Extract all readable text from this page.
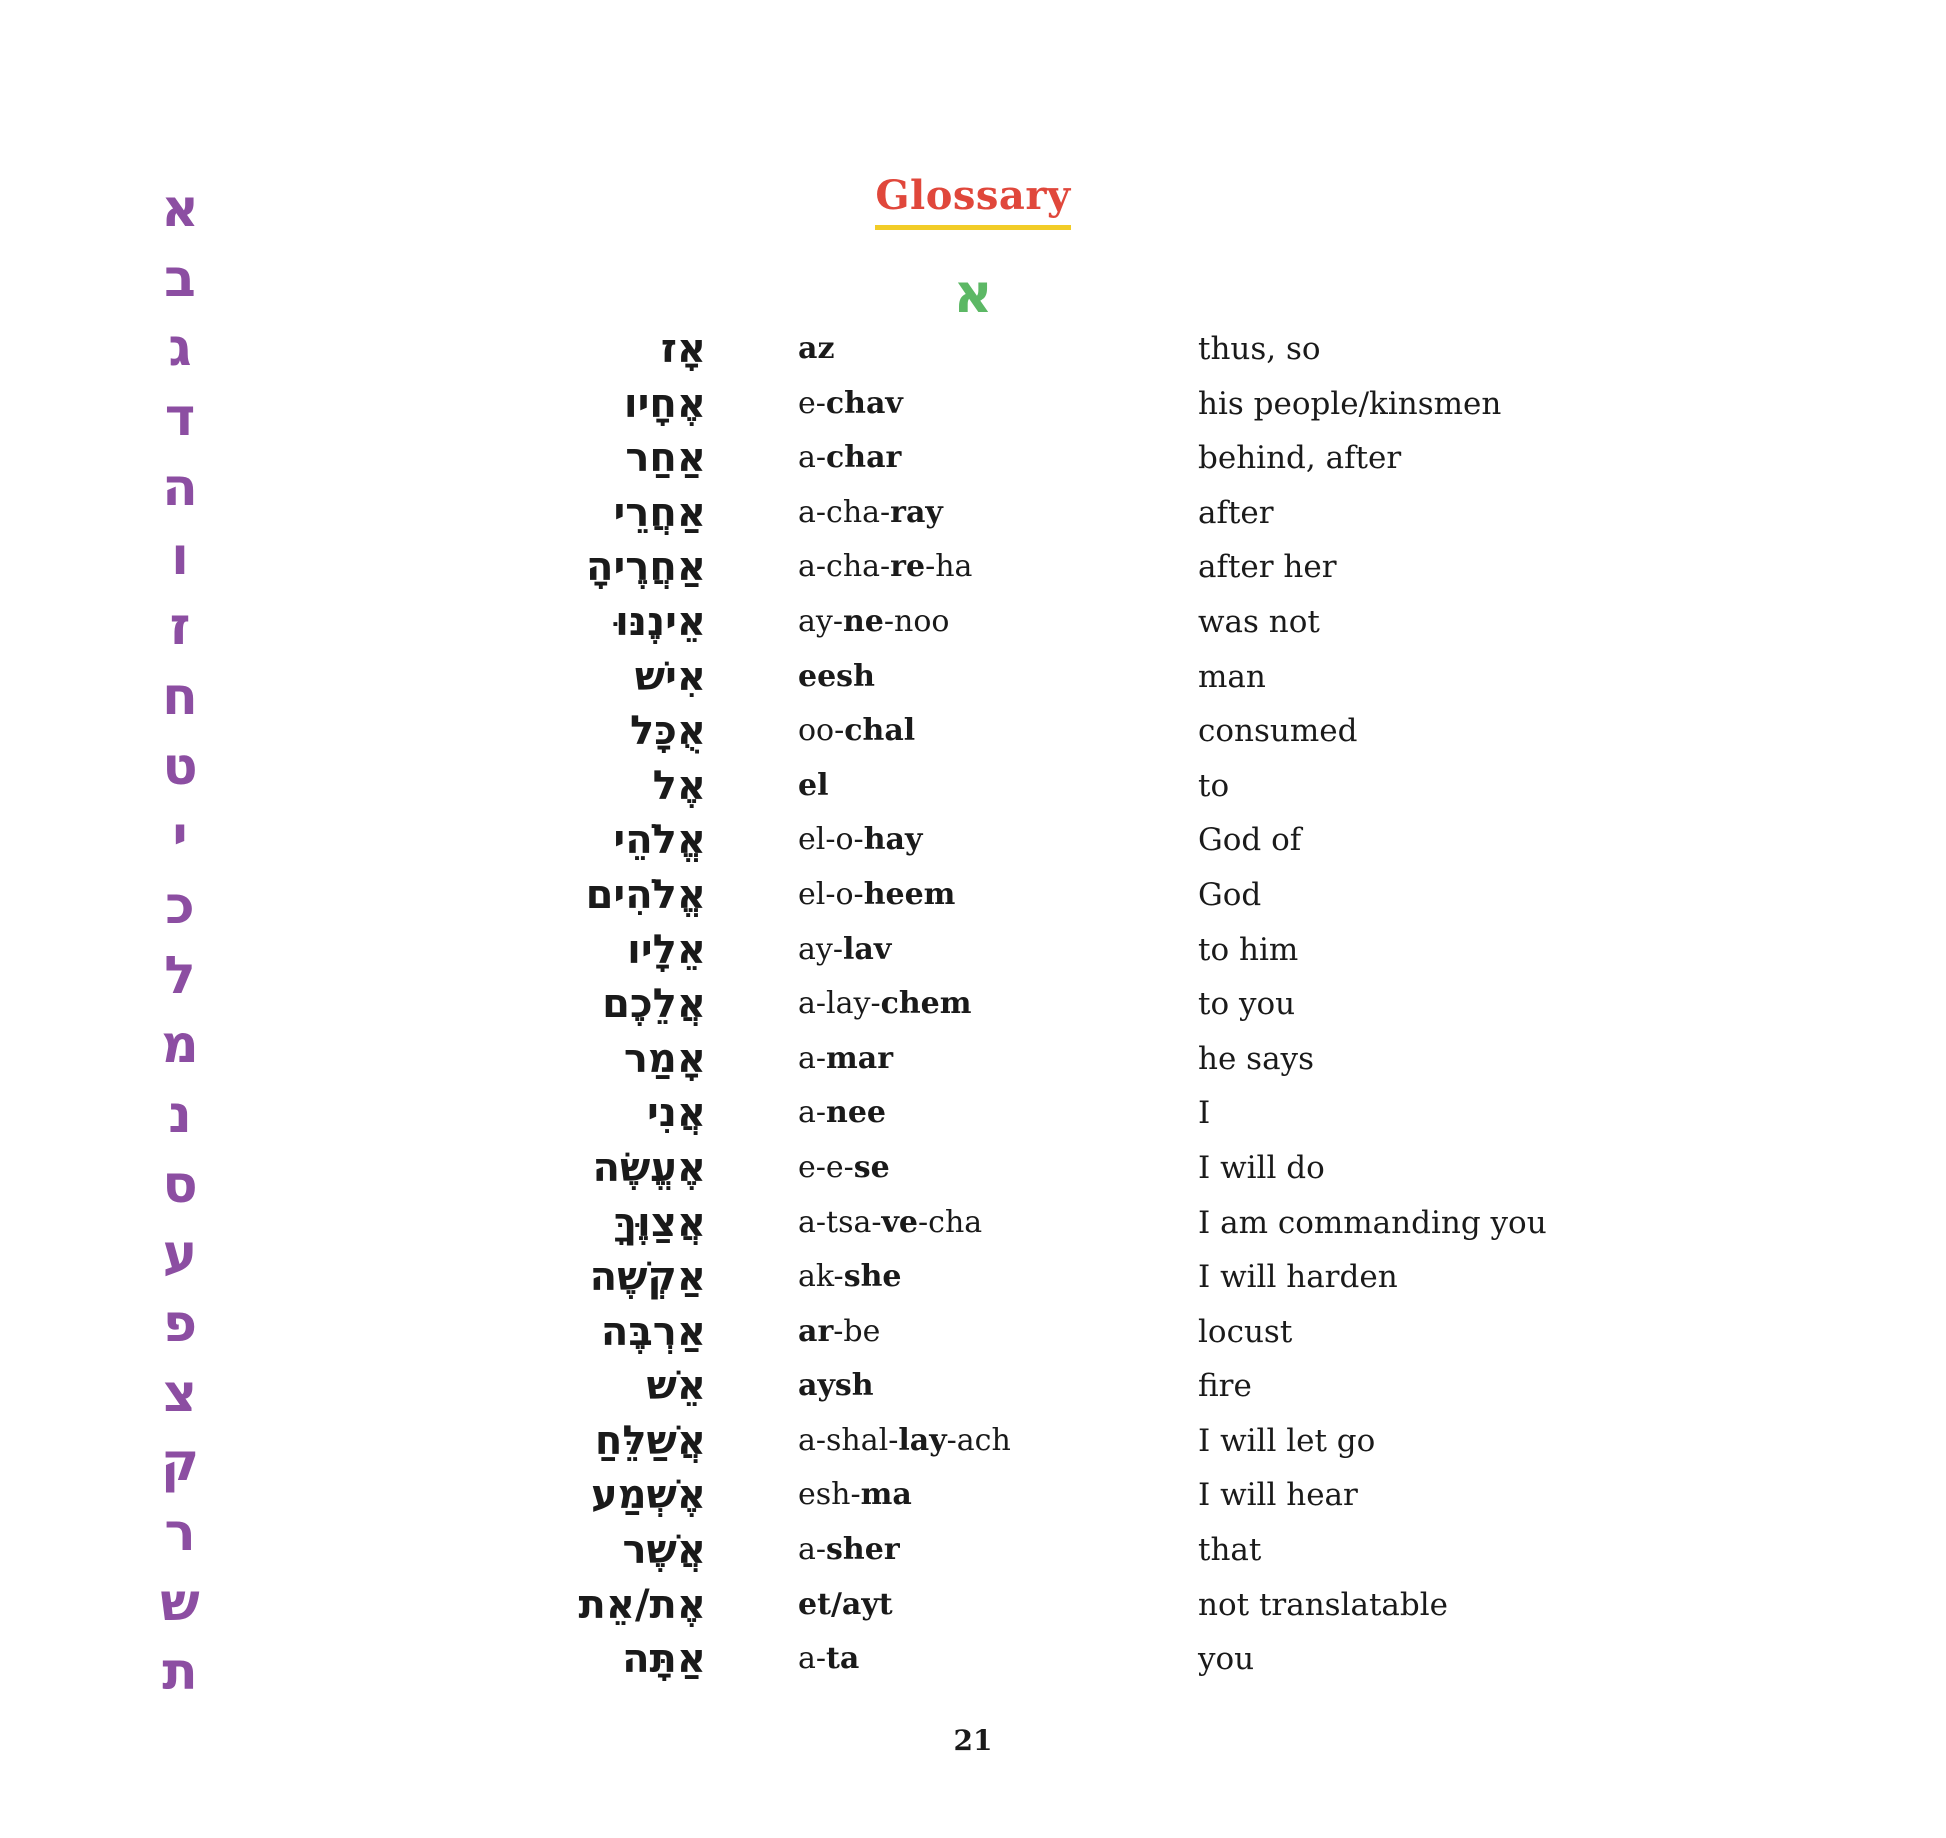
א
ב
ג
ד
ה
ו
ז
ח
ט
י
כ
ל
מ
נ
ס
ע
פ
צ
ק
ר
ש
ת
Glossary
א
אָז	az	thus, so
אֶחָיו	e-chav	his people/kinsmen
אַחַר	a-char	behind, after
אַחֲרֵי	a-cha-ray	after
אַחֲרֶיהָ	a-cha-re-ha	after her
אֵינֶנּוּ	ay-ne-noo	was not
אִישׁ	eesh	man
אֻכָּל	oo-chal	consumed
אֶל	el	to
אֱלֹהֵי	el-o-hay	God of
אֱלֹהִים	el-o-heem	God
אֵלָיו	ay-lav	to him
אֲלֵכֶם	a-lay-chem	to you
אָמַר	a-mar	he says
אֲנִי	a-nee	I
אֶעֱשֶׂה	e-e-se	I will do
אֲצַוֶּךָּ	a-tsa-ve-cha	I am commanding you
אַקְשֶׁה	ak-she	I will harden
אַרְבֶּה	ar-be	locust
אֵשׁ	aysh	fire
אֲשַׁלֵּחַ	a-shal-lay-ach	I will let go
אֶשְׁמַע	esh-ma	I will hear
אֲשֶׁר	a-sher	that
אֶת/אֵת	et/ayt	not translatable
אַתָּה	a-ta	you
21
